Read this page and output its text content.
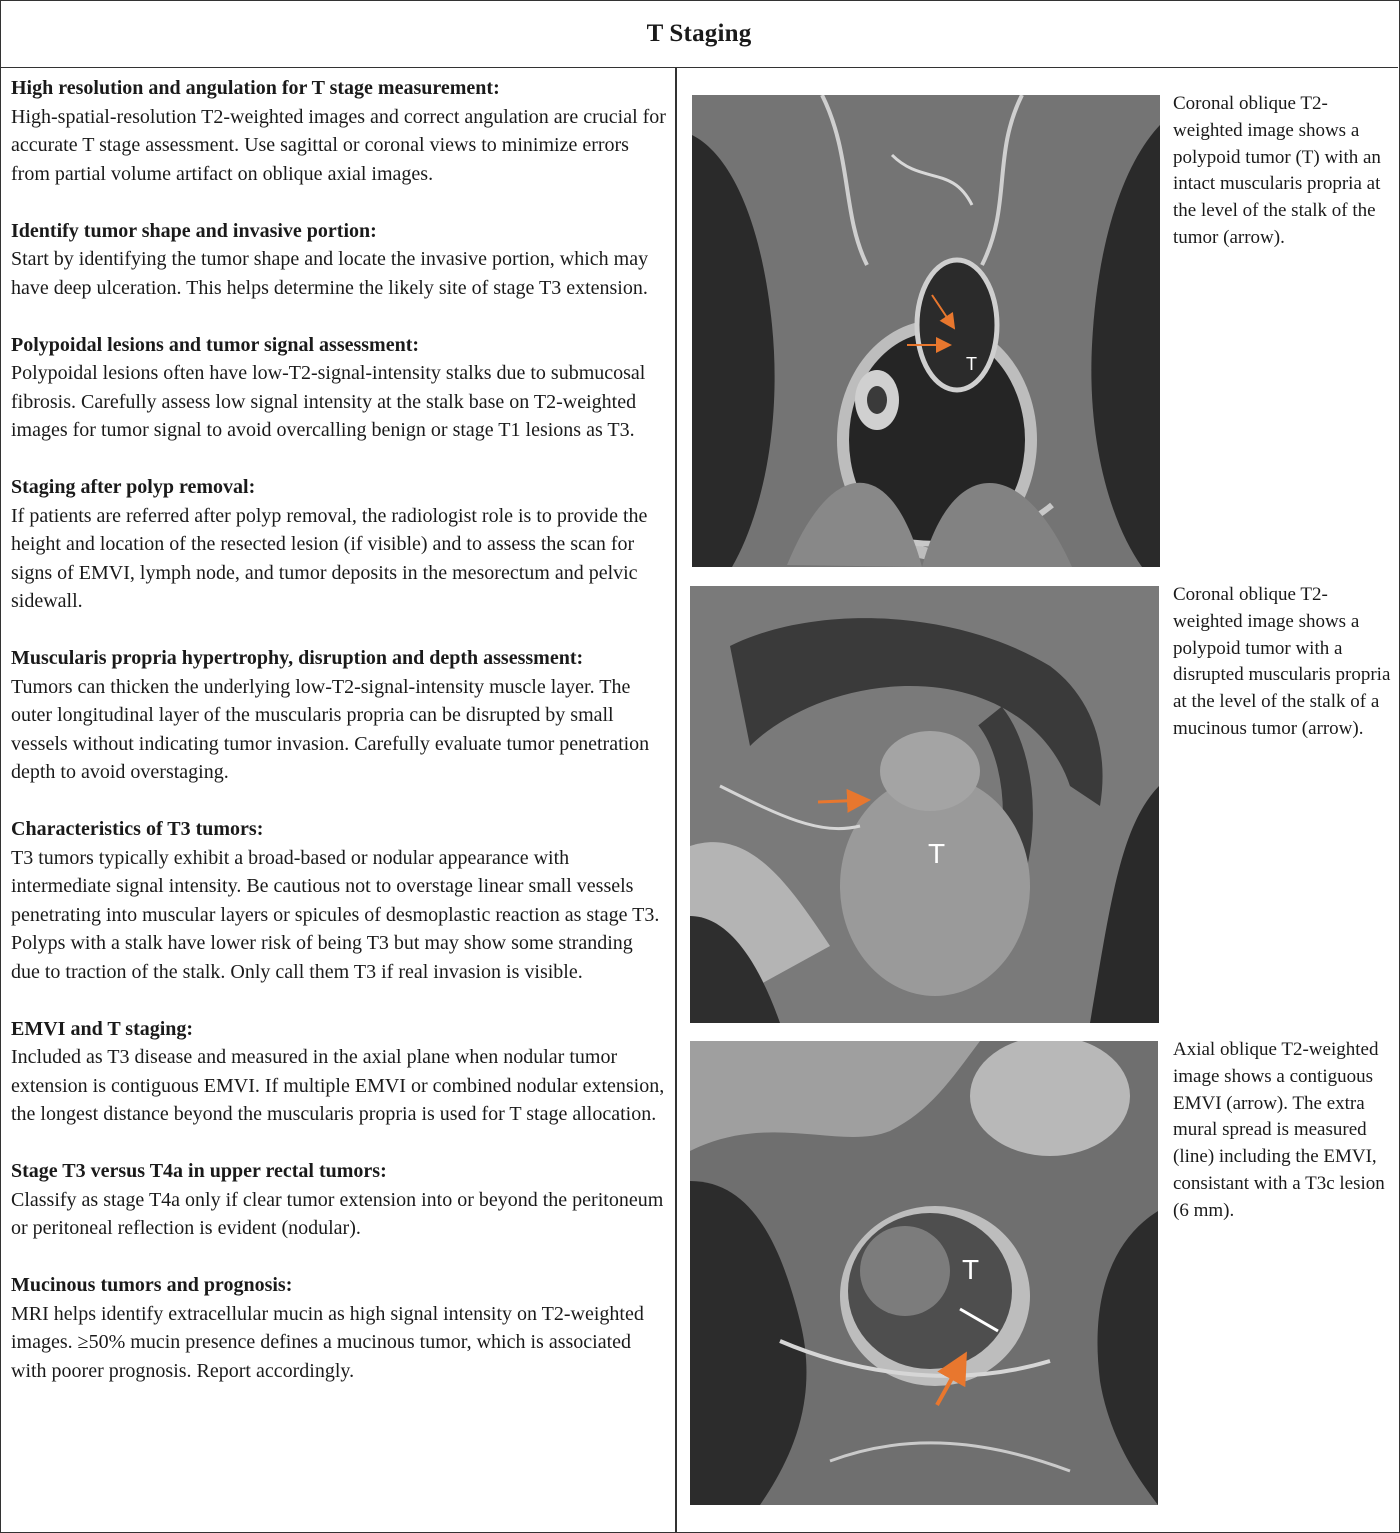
T Staging
High resolution and angulation for T stage measurement:

High-spatial-resolution T2-weighted images and correct angulation are crucial for accurate T stage assessment. Use sagittal or coronal views to minimize errors from partial volume artifact on oblique axial images.

Identify tumor shape and invasive portion:

Start by identifying the tumor shape and locate the invasive portion, which may have deep ulceration. This helps determine the likely site of stage T3 extension.

Polypoidal lesions and tumor signal assessment:

Polypoidal lesions often have low-T2-signal-intensity stalks due to submucosal fibrosis. Carefully assess low signal intensity at the stalk base on T2-weighted images for tumor signal to avoid overcalling benign or stage T1 lesions as T3.

Staging after polyp removal:

If patients are referred after polyp removal, the radiologist role is to provide the height and location of the resected lesion (if visible) and to assess the scan for signs of EMVI, lymph node, and tumor deposits in the mesorectum and pelvic sidewall.

Muscularis propria hypertrophy, disruption and depth assessment:

Tumors can thicken the underlying low-T2-signal-intensity muscle layer. The outer longitudinal layer of the muscularis propria can be disrupted by small vessels without indicating tumor invasion. Carefully evaluate tumor penetration depth to avoid overstaging.

Characteristics of T3 tumors:

T3 tumors typically exhibit a broad-based or nodular appearance with intermediate signal intensity. Be cautious not to overstage linear small vessels penetrating into muscular layers or spicules of desmoplastic reaction as stage T3. Polyps with a stalk have lower risk of being T3 but may show some stranding due to traction of the stalk. Only call them T3 if real invasion is visible.

EMVI and T staging:

Included as T3 disease and measured in the axial plane when nodular tumor extension is contiguous EMVI. If multiple EMVI or combined nodular extension, the longest distance beyond the muscularis propria is used for T stage allocation.

Stage T3 versus T4a in upper rectal tumors:

Classify as stage T4a only if clear tumor extension into or beyond the peritoneum or peritoneal reflection is evident (nodular).

Mucinous tumors and prognosis:

MRI helps identify extracellular mucin as high signal intensity on T2-weighted images. ≥50% mucin presence defines a mucinous tumor, which is associated with poorer prognosis. Report accordingly.

T
Coronal oblique T2-weighted image shows a polypoid tumor (T) with an intact muscularis propria at the level of the stalk of the tumor (arrow).
T
Coronal oblique T2-weighted image shows a polypoid tumor with a disrupted muscularis propria at the level of the stalk of a mucinous tumor (arrow).
T
Axial oblique T2-weighted image shows a contiguous EMVI (arrow). The extra mural spread is measured (line) including the EMVI, consistant with a T3c lesion (6 mm).
